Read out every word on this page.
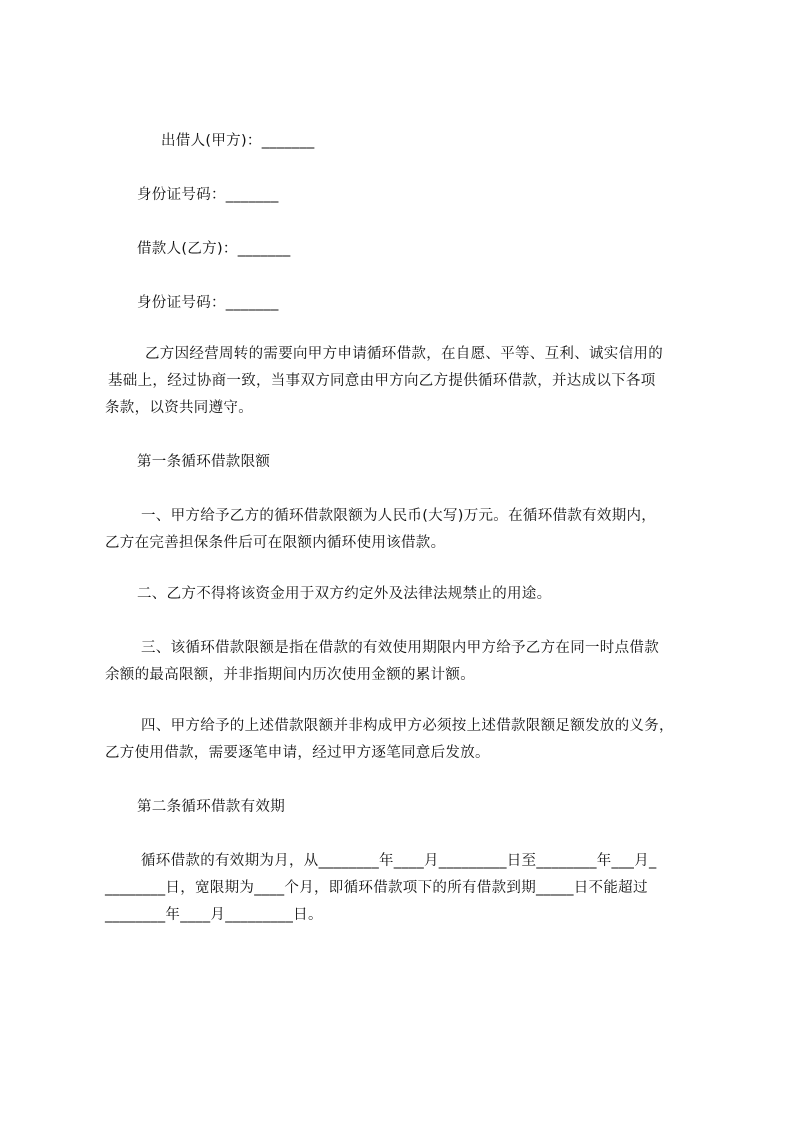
出借人(甲方)：_______
身份证号码：_______
借款人(乙方)：_______
身份证号码：_______
乙方因经营周转的需要向甲方申请循环借款，在自愿、平等、互利、诚实信用的
基础上，经过协商一致，当事双方同意由甲方向乙方提供循环借款，并达成以下各项
条款，以资共同遵守。
第一条循环借款限额
一、甲方给予乙方的循环借款限额为人民币(大写)万元。在循环借款有效期内，
乙方在完善担保条件后可在限额内循环使用该借款。
二、乙方不得将该资金用于双方约定外及法律法规禁止的用途。
三、该循环借款限额是指在借款的有效使用期限内甲方给予乙方在同一时点借款
余额的最高限额，并非指期间内历次使用金额的累计额。
四、甲方给予的上述借款限额并非构成甲方必须按上述借款限额足额发放的义务，
乙方使用借款，需要逐笔申请，经过甲方逐笔同意后发放。
第二条循环借款有效期
循环借款的有效期为月，从________年____月_________日至________年___月_
________日，宽限期为____个月，即循环借款项下的所有借款到期_____日不能超过
________年____月_________日。
